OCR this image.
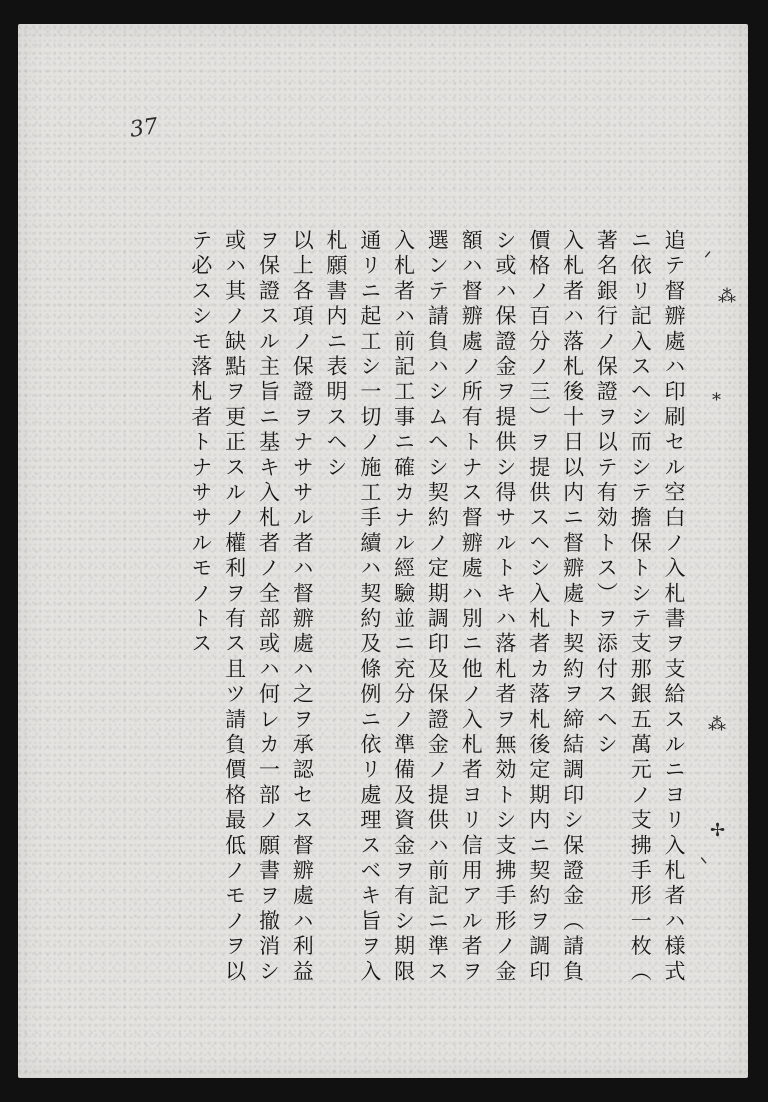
37
追テ督辧處ハ印刷セル空白ノ入札書ヲ支給スルニヨリ入札者ハ様式
ニ依リ記入スヘシ而シテ擔保トシテ支那銀五萬元ノ支拂手形一枚（
著名銀行ノ保證ヲ以テ有効トス）ヲ添付スヘシ
入札者ハ落札後十日以内ニ督辧處ト契約ヲ締結調印シ保證金（請負
價格ノ百分ノ三）ヲ提供スヘシ入札者カ落札後定期内ニ契約ヲ調印
シ或ハ保證金ヲ提供シ得サルトキハ落札者ヲ無効トシ支拂手形ノ金
額ハ督辧處ノ所有トナス督辧處ハ別ニ他ノ入札者ヨリ信用アル者ヲ
選ンテ請負ハシムヘシ契約ノ定期調印及保證金ノ提供ハ前記ニ準ス
入札者ハ前記工事ニ確カナル經驗並ニ充分ノ準備及資金ヲ有シ期限
通リニ起工シ一切ノ施工手續ハ契約及條例ニ依リ處理スベキ旨ヲ入
札願書内ニ表明スヘシ
以上各項ノ保證ヲナササル者ハ督辧處ハ之ヲ承認セス督辧處ハ利益
ヲ保證スル主旨ニ基キ入札者ノ全部或ハ何レカ一部ノ願書ヲ撤消シ
或ハ其ノ缺點ヲ更正スルノ權利ヲ有ス且ツ請負價格最低ノモノヲ以
テ必スシモ落札者トナササルモノトス	ᐟ
⁂
⁎
⁂
✢
ᐠ
